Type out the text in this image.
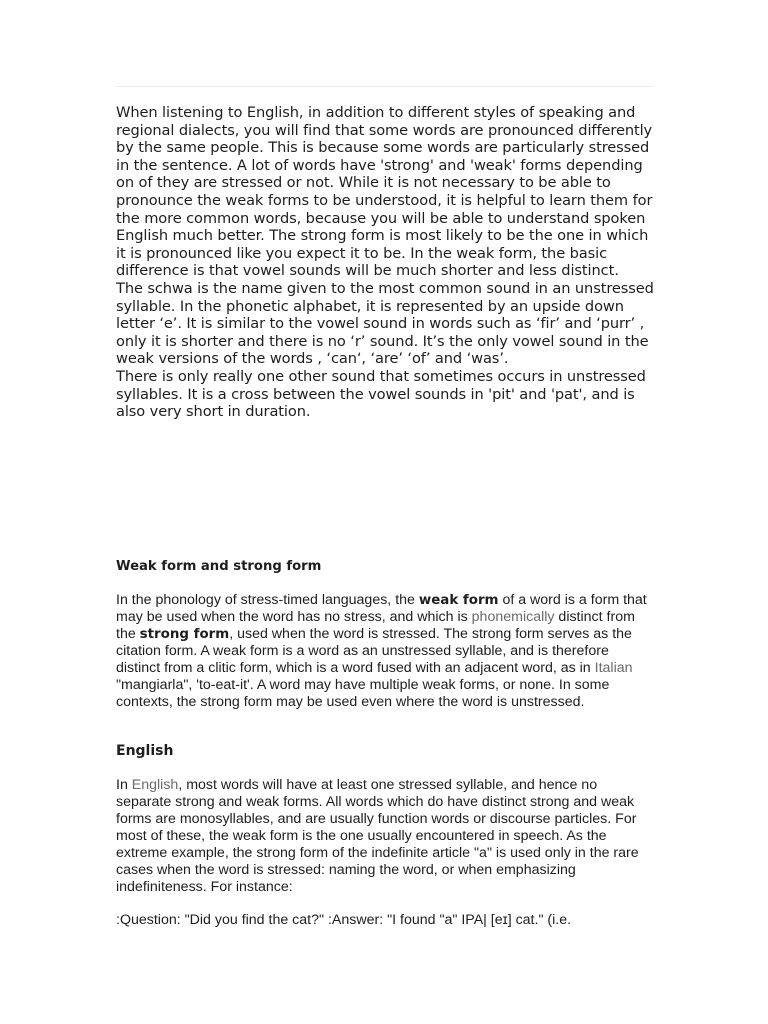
When listening to English, in addition to different styles of speaking and regional dialects, you will find that some words are pronounced differently by the same people. This is because some words are particularly stressed in the sentence. A lot of words have 'strong' and 'weak' forms depending on of they are stressed or not. While it is not necessary to be able to pronounce the weak forms to be understood, it is helpful to learn them for the more common words, because you will be able to understand spoken English much better. The strong form is most likely to be the one in which it is pronounced like you expect it to be. In the weak form, the basic difference is that vowel sounds will be much shorter and less distinct.

The schwa is the name given to the most common sound in an unstressed syllable. In the phonetic alphabet, it is represented by an upside down letter ‘e’. It is similar to the vowel sound in words such as ‘fir’ and ‘purr’ , only it is shorter and there is no ‘r’ sound. It’s the only vowel sound in the weak versions of the words , ‘can‘, ‘are’ ‘of’ and ‘was’.

There is only really one other sound that sometimes occurs in unstressed syllables. It is a cross between the vowel sounds in 'pit' and 'pat', and is also very short in duration.

Weak form and strong form

In the phonology of stress-timed languages, the weak form of a word is a form that may be used when the word has no stress, and which is phonemically distinct from the strong form, used when the word is stressed. The strong form serves as the citation form. A weak form is a word as an unstressed syllable, and is therefore distinct from a clitic form, which is a word fused with an adjacent word, as in Italian "mangiarla", 'to-eat-it'. A word may have multiple weak forms, or none. In some contexts, the strong form may be used even where the word is unstressed.

English

In English, most words will have at least one stressed syllable, and hence no separate strong and weak forms. All words which do have distinct strong and weak forms are monosyllables, and are usually function words or discourse particles. For most of these, the weak form is the one usually encountered in speech. As the extreme example, the strong form of the indefinite article "a" is used only in the rare cases when the word is stressed: naming the word, or when emphasizing indefiniteness. For instance:

:Question: "Did you find the cat?" :Answer: "I found "a" IPA| [eɪ] cat." (i.e.
